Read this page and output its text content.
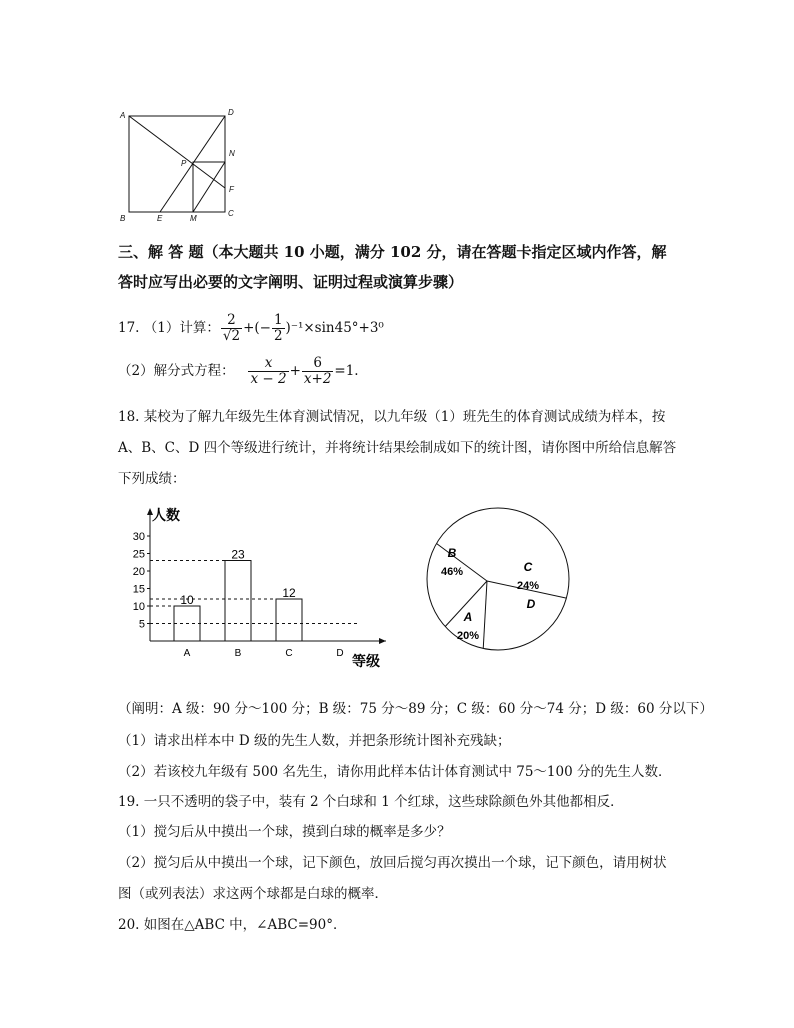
A	D
B
C
E	M
N
F
P
三、解 答 题（本大题共 10 小题，满分 102 分，请在答题卡指定区域内作答，解
答时应写出必要的文字阐明、证明过程或演算步骤）
17. （1）计算： $\frac{2}{√2}$ +(− $\frac{1}{2} )^{-1}\times\sin 45^\circ+3^0$
（2）解分式方程： $\frac{x}{x - 2} + \frac{6}{x+2} =1$.
18. 某校为了解九年级先生体育测试情况，以九年级（1）班先生的体育测试成绩为样本，按
A、B、C、D 四个等级进行统计，并将统计结果绘制成如下的统计图，请你图中所给信息解答
下列成绩：
人数
等级
5
10
15
20
25
30
A
10
B
23
C
12
D
B
46%	C
24%
D
A
20%
（阐明：A 级：90 分～100 分；B 级：75 分～89 分；C 级：60 分～74 分；D 级：60 分以下）
（1）请求出样本中 D 级的先生人数，并把条形统计图补充残缺；
（2）若该校九年级有 500 名先生，请你用此样本估计体育测试中 75～100 分的先生人数．
19. 一只不透明的袋子中，装有 2 个白球和 1 个红球，这些球除颜色外其他都相反．
（1）搅匀后从中摸出一个球，摸到白球的概率是多少？
（2）搅匀后从中摸出一个球，记下颜色，放回后搅匀再次摸出一个球，记下颜色，请用树状
图（或列表法）求这两个球都是白球的概率．
20. 如图在△ABC 中，∠ABC=90°．
